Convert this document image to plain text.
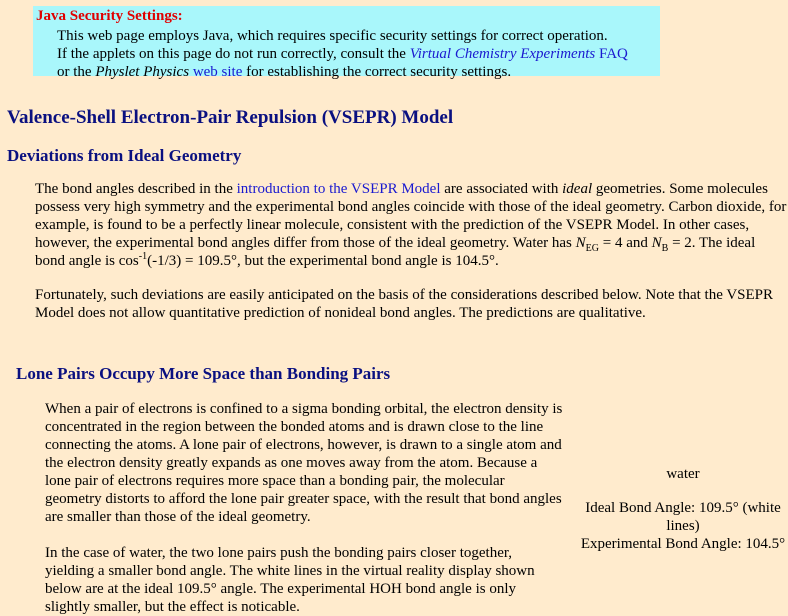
Java Security Settings:
This web page employs Java, which requires specific security settings for correct operation.
If the applets on this page do not run correctly, consult the Virtual Chemistry Experiments FAQ
or the Physlet Physics web site for establishing the correct security settings.
Valence-Shell Electron-Pair Repulsion (VSEPR) Model
Deviations from Ideal Geometry

The bond angles described in the introduction to the VSEPR Model are associated with ideal geometries. Some molecules possess very high symmetry and the experimental bond angles coincide with those of the ideal geometry. Carbon dioxide, for example, is found to be a perfectly linear molecule, consistent with the prediction of the VSEPR Model. In other cases, however, the experimental bond angles differ from those of the ideal geometry. Water has $N_{EG} = 4$ and $N_B = 2$. The ideal bond angle is $\cos^{-1}(-1/3) = 109.5^\circ$, but the experimental bond angle is 104.5°.

Fortunately, such deviations are easily anticipated on the basis of the considerations described below. Note that the VSEPR Model does not allow quantitative prediction of nonideal bond angles. The predictions are qualitative.

Lone Pairs Occupy More Space than Bonding Pairs

When a pair of electrons is confined to a sigma bonding orbital, the electron density is concentrated in the region between the bonded atoms and is drawn close to the line connecting the atoms. A lone pair of electrons, however, is drawn to a single atom and the electron density greatly expands as one moves away from the atom. Because a lone pair of electrons requires more space than a bonding pair, the molecular geometry distorts to afford the lone pair greater space, with the result that bond angles are smaller than those of the ideal geometry.

In the case of water, the two lone pairs push the bonding pairs closer together, yielding a smaller bond angle. The white lines in the virtual reality display shown below are at the ideal 109.5° angle. The experimental HOH bond angle is only slightly smaller, but the effect is noticable.

water
Ideal Bond Angle: 109.5° (white lines)
Experimental Bond Angle: 104.5°
